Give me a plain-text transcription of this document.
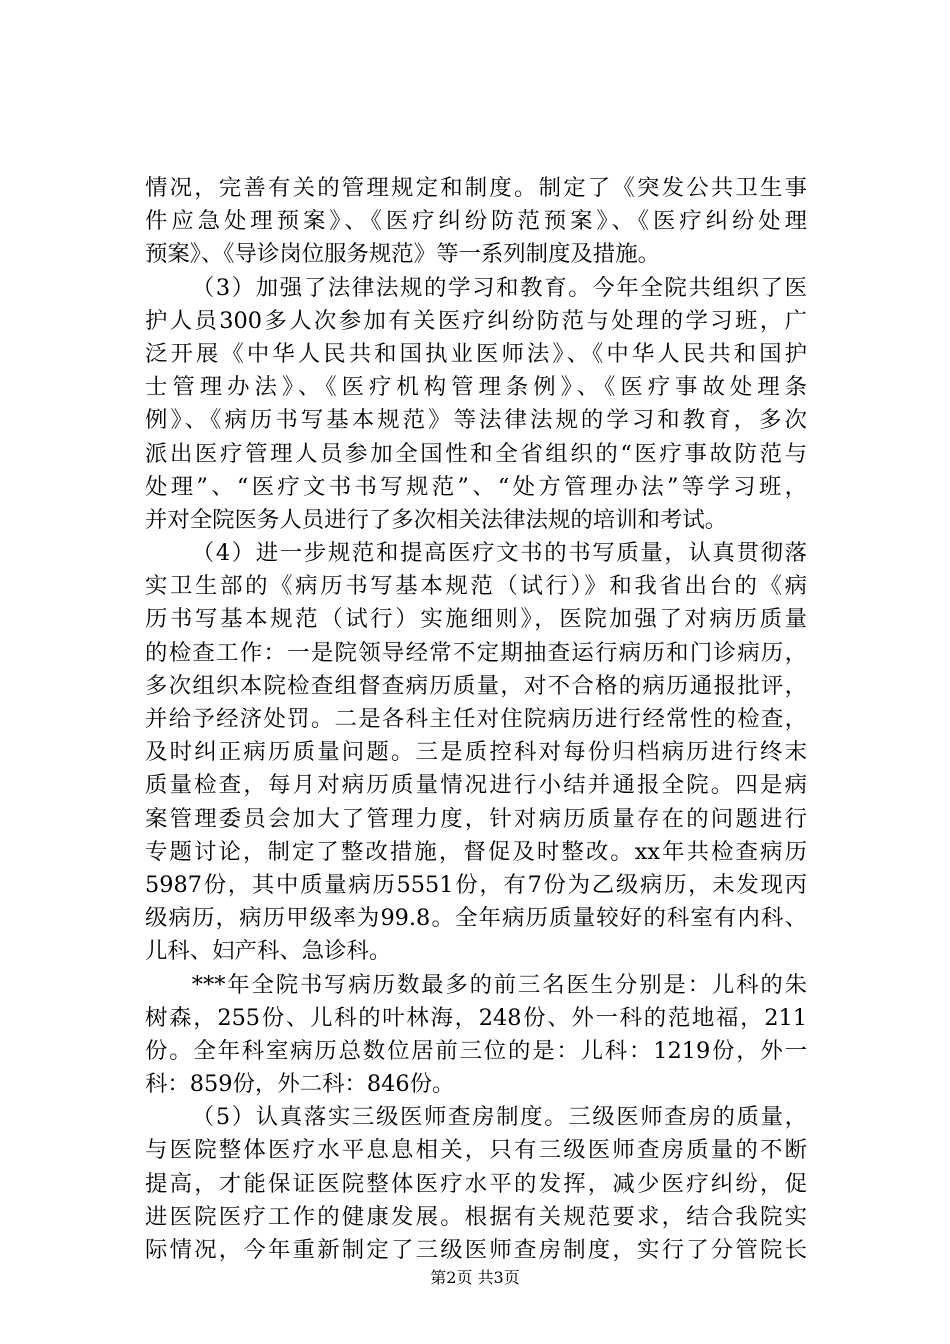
情况，完善有关的管理规定和制度。制定了《突发公共卫生事
件应急处理预案》、《医疗纠纷防范预案》、《医疗纠纷处理
预案》、《导诊岗位服务规范》等一系列制度及措施。
（3）加强了法律法规的学习和教育。今年全院共组织了医
护人员300多人次参加有关医疗纠纷防范与处理的学习班，广
泛开展《中华人民共和国执业医师法》、《中华人民共和国护
士管理办法》、《医疗机构管理条例》、《医疗事故处理条
例》、《病历书写基本规范》等法律法规的学习和教育，多次
派出医疗管理人员参加全国性和全省组织的“医疗事故防范与
处理”、“医疗文书书写规范”、“处方管理办法”等学习班，
并对全院医务人员进行了多次相关法律法规的培训和考试。
（4）进一步规范和提高医疗文书的书写质量，认真贯彻落
实卫生部的《病历书写基本规范（试行）》和我省出台的《病
历书写基本规范（试行）实施细则》，医院加强了对病历质量
的检查工作：一是院领导经常不定期抽查运行病历和门诊病历，
多次组织本院检查组督查病历质量，对不合格的病历通报批评，
并给予经济处罚。二是各科主任对住院病历进行经常性的检查，
及时纠正病历质量问题。三是质控科对每份归档病历进行终末
质量检查，每月对病历质量情况进行小结并通报全院。四是病
案管理委员会加大了管理力度，针对病历质量存在的问题进行
专题讨论，制定了整改措施，督促及时整改。xx年共检查病历
5987份，其中质量病历5551份，有7份为乙级病历，未发现丙
级病历，病历甲级率为99.8。全年病历质量较好的科室有内科、
儿科、妇产科、急诊科。
***年全院书写病历数最多的前三名医生分别是：儿科的朱
树森，255份、儿科的叶林海，248份、外一科的范地福，211
份。全年科室病历总数位居前三位的是：儿科：1219份，外一
科：859份，外二科：846份。
（5）认真落实三级医师查房制度。三级医师查房的质量，
与医院整体医疗水平息息相关，只有三级医师查房质量的不断
提高，才能保证医院整体医疗水平的发挥，减少医疗纠纷，促
进医院医疗工作的健康发展。根据有关规范要求，结合我院实
际情况，今年重新制定了三级医师查房制度，实行了分管院长
第2页 共3页
